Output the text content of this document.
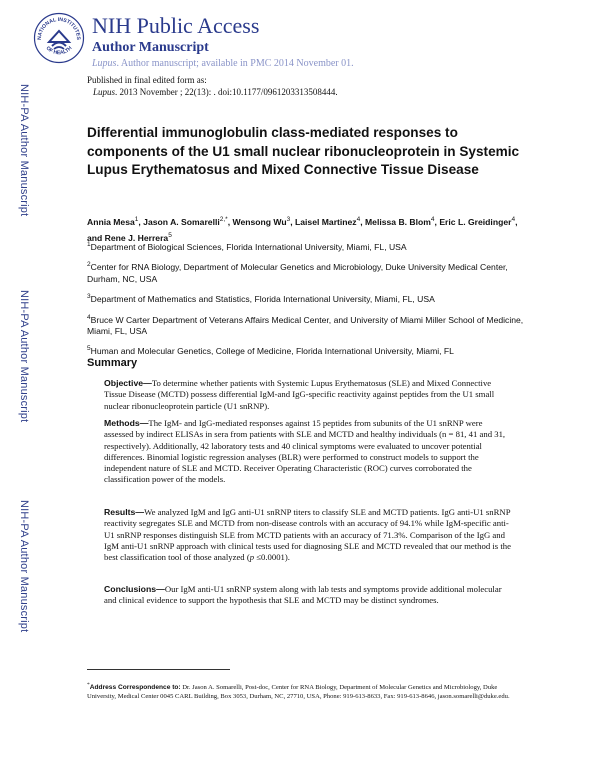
NIH-PA Author Manuscript
NIH-PA Author Manuscript
NIH-PA Author Manuscript
NATIONAL INSTITUTES
OF HEALTH
NIH Public Access
Author Manuscript
Lupus. Author manuscript; available in PMC 2014 November 01.
Published in final edited form as:
Lupus. 2013 November ; 22(13): . doi:10.1177/0961203313508444.
Differential immunoglobulin class-mediated responses to components of the U1 small nuclear ribonucleoprotein in Systemic Lupus Erythematosus and Mixed Connective Tissue Disease
Annia Mesa$^1$, Jason A. Somarelli$^{2,*}$, Wensong Wu$^3$, Laisel Martinez$^4$, Melissa B. Blom$^4$, Eric L. Greidinger$^4$, and Rene J. Herrera$^5$

$^1$Department of Biological Sciences, Florida International University, Miami, FL, USA

$^2$Center for RNA Biology, Department of Molecular Genetics and Microbiology, Duke University Medical Center, Durham, NC, USA

$^3$Department of Mathematics and Statistics, Florida International University, Miami, FL, USA

$^4$Bruce W Carter Department of Veterans Affairs Medical Center, and University of Miami Miller School of Medicine, Miami, FL, USA

$^5$Human and Molecular Genetics, College of Medicine, Florida International University, Miami, FL

Summary
Objective—To determine whether patients with Systemic Lupus Erythematosus (SLE) and Mixed Connective Tissue Disease (MCTD) possess differential IgM-and IgG-specific reactivity against peptides from the U1 small nuclear ribonucleoprotein particle (U1 snRNP).
Methods—The IgM- and IgG-mediated responses against 15 peptides from subunits of the U1 snRNP were assessed by indirect ELISAs in sera from patients with SLE and MCTD and healthy individuals (n = 81, 41 and 31, respectively). Additionally, 42 laboratory tests and 40 clinical symptoms were evaluated to uncover potential differences. Binomial logistic regression analyses (BLR) were performed to construct models to support the independent nature of SLE and MCTD. Receiver Operating Characteristic (ROC) curves corroborated the classification power of the models.
Results—We analyzed IgM and IgG anti-U1 snRNP titers to classify SLE and MCTD patients. IgG anti-U1 snRNP reactivity segregates SLE and MCTD from non-disease controls with an accuracy of 94.1% while IgM-specific anti-U1 snRNP responses distinguish SLE from MCTD patients with an accuracy of 71.3%. Comparison of the IgG and IgM anti-U1 snRNP approach with clinical tests used for diagnosing SLE and MCTD revealed that our method is the best classification tool of those analyzed (p ≤0.0001).
Conclusions—Our IgM anti-U1 snRNP system along with lab tests and symptoms provide additional molecular and clinical evidence to support the hypothesis that SLE and MCTD may be distinct syndromes.
*Address Correspondence to: Dr. Jason A. Somarelli, Post-doc, Center for RNA Biology, Department of Molecular Genetics and Microbiology, Duke University, Medical Center 0045 CARL Building, Box 3053, Durham, NC, 27710, USA, Phone: 919-613-8633, Fax: 919-613-8646, jason.somarelli@duke.edu.
